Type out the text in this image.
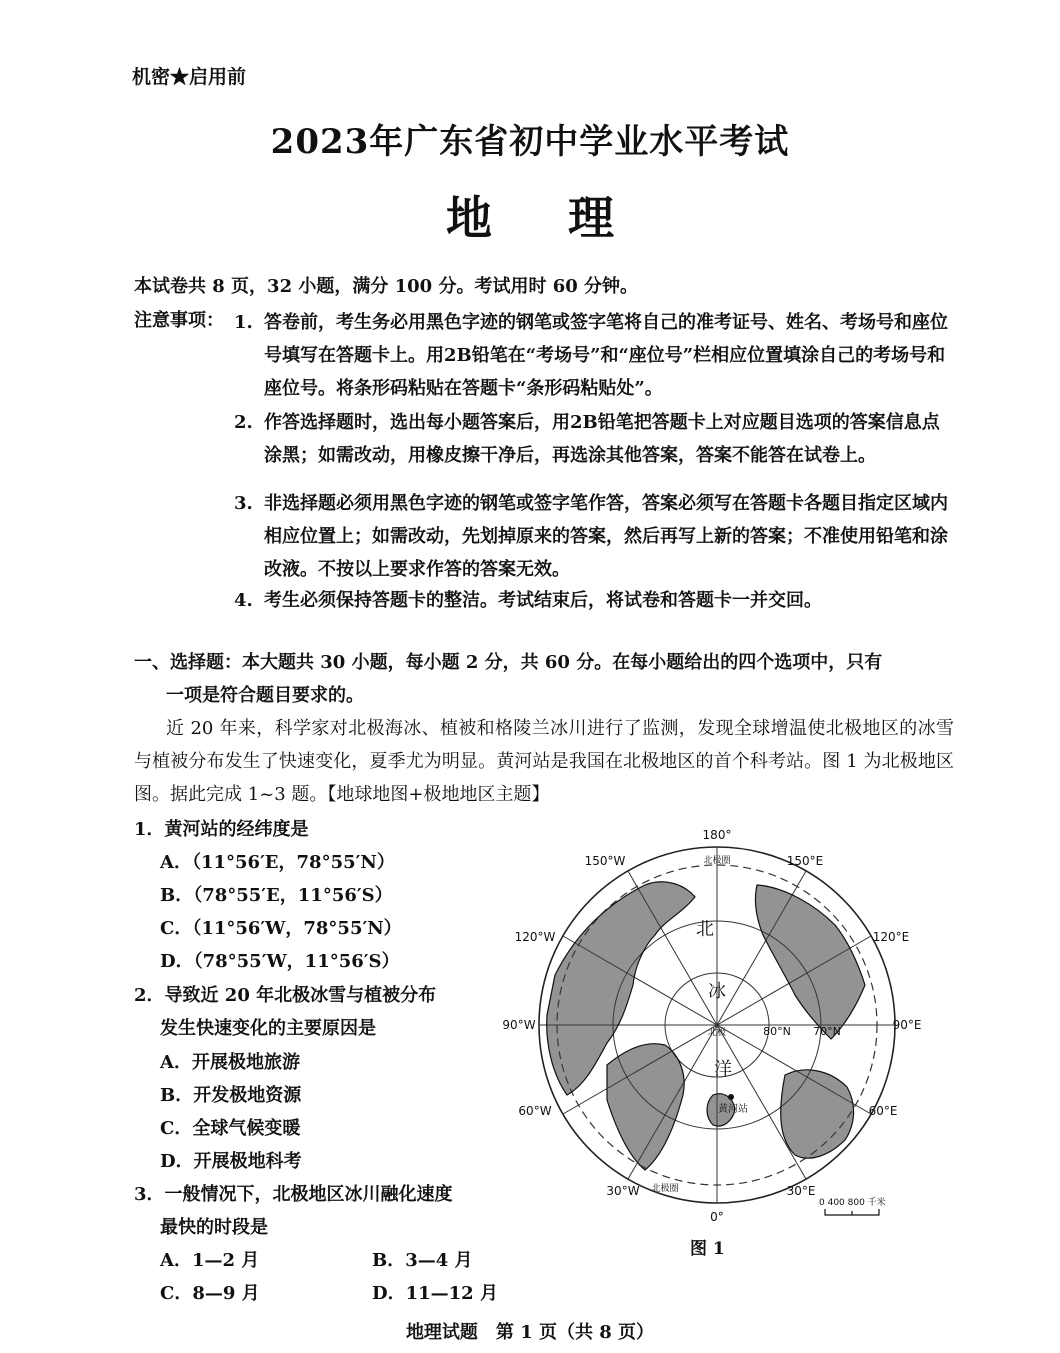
机密★启用前
2023年广东省初中学业水平考试
地 理
本试卷共 8 页，32 小题，满分 100 分。考试用时 60 分钟。
注意事项： 1. 答卷前，考生务必用黑色字迹的钢笔或签字笔将自己的准考证号、姓名、考场号和座位号填写在答题卡上。用2B铅笔在“考场号”和“座位号”栏相应位置填涂自己的考场号和座位号。将条形码粘贴在答题卡“条形码粘贴处”。
2. 作答选择题时，选出每小题答案后，用2B铅笔把答题卡上对应题目选项的答案信息点涂黑；如需改动，用橡皮擦干净后，再选涂其他答案，答案不能答在试卷上。
3. 非选择题必须用黑色字迹的钢笔或签字笔作答，答案必须写在答题卡各题目指定区域内相应位置上；如需改动，先划掉原来的答案，然后再写上新的答案；不准使用铅笔和涂改液。不按以上要求作答的答案无效。
4. 考生必须保持答题卡的整洁。考试结束后，将试卷和答题卡一并交回。
一、选择题：本大题共 30 小题，每小题 2 分，共 60 分。在每小题给出的四个选项中，只有
一项是符合题目要求的。
近 20 年来，科学家对北极海冰、植被和格陵兰冰川进行了监测，发现全球增温使北极地区的冰雪与植被分布发生了快速变化，夏季尤为明显。黄河站是我国在北极地区的首个科考站。图 1 为北极地区图。据此完成 1~3 题。【地球地图+极地地区主题】
1．黄河站的经纬度是
A．（11°56′E，78°55′N）
B．（78°55′E，11°56′S）
C．（11°56′W，78°55′N）
D．（78°55′W，11°56′S）
2．导致近 20 年北极冰雪与植被分布
发生快速变化的主要原因是
A．开展极地旅游
B．开发极地资源
C．全球气候变暖
D．开展极地科考
3．一般情况下，北极地区冰川融化速度
最快的时段是
A．1—2 月	B．3—4 月
C．8—9 月	D．11—12 月
180°
0°
150°W	150°E
120°W	120°E
90°W	90°E
60°W	60°E
30°W	30°E
北极圈
北极圈
80°N 70°N
北极
北
冰
洋
黄河站
0 400 800 千米
图 1
地理试题　第 1 页（共 8 页）
